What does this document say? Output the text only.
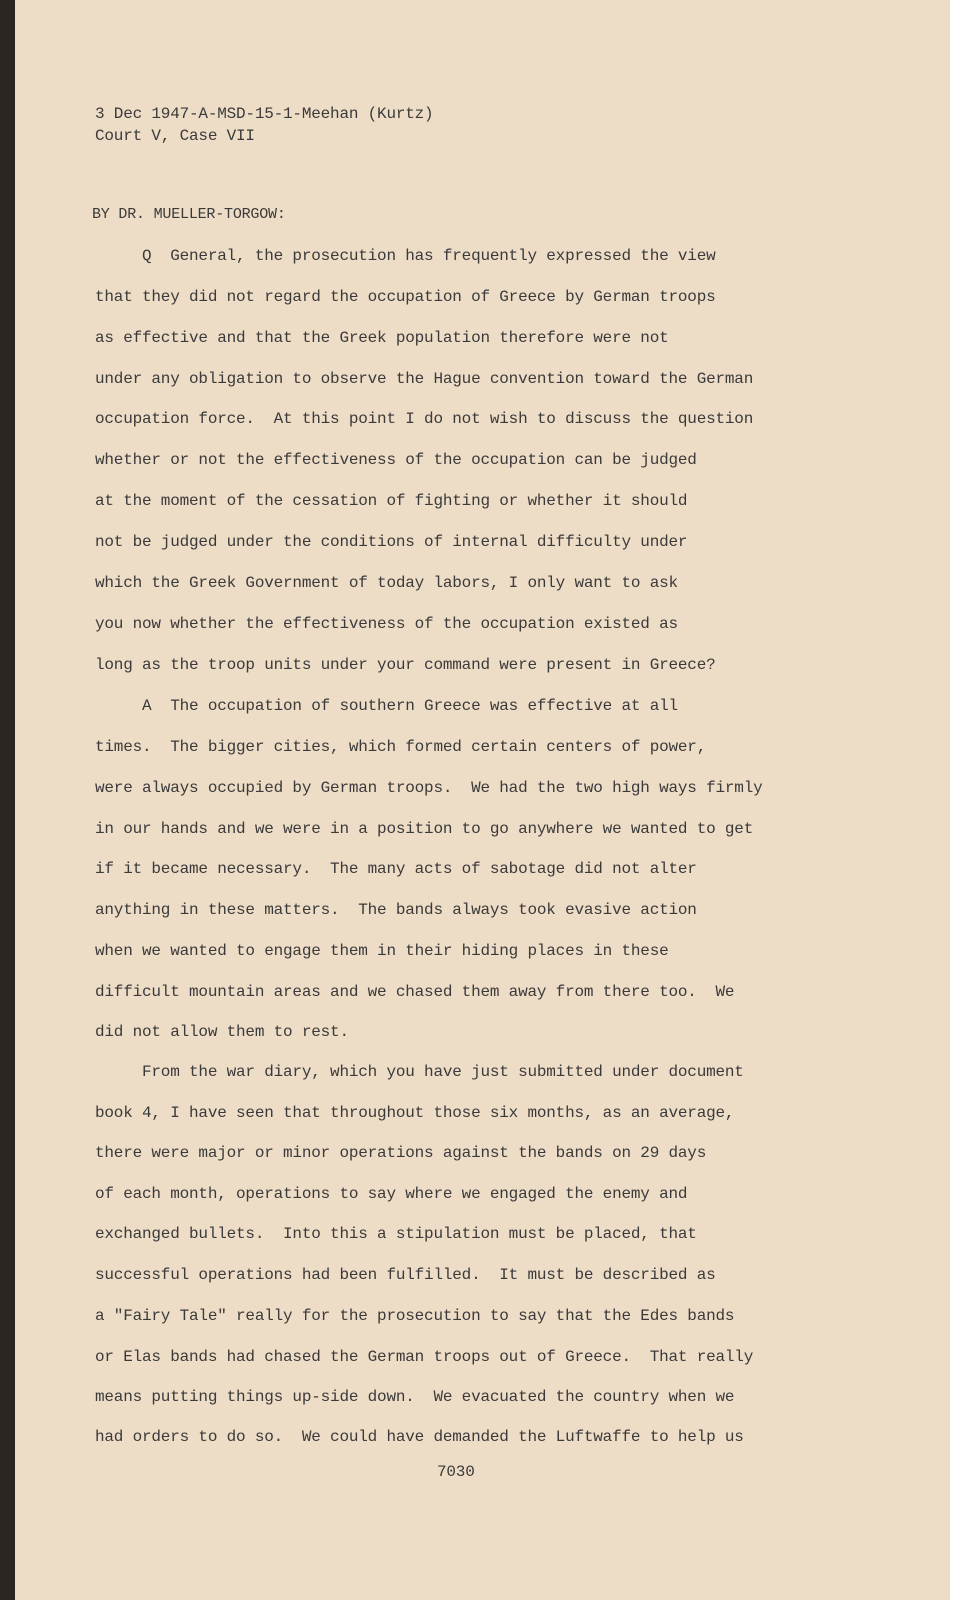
3 Dec 1947-A-MSD-15-1-Meehan (Kurtz)
Court V, Case VII
BY DR. MUELLER-TORGOW:
Q  General, the prosecution has frequently expressed the view
that they did not regard the occupation of Greece by German troops
as effective and that the Greek population therefore were not
under any obligation to observe the Hague convention toward the German
occupation force.  At this point I do not wish to discuss the question
whether or not the effectiveness of the occupation can be judged
at the moment of the cessation of fighting or whether it should
not be judged under the conditions of internal difficulty under
which the Greek Government of today labors, I only want to ask
you now whether the effectiveness of the occupation existed as
long as the troop units under your command were present in Greece?
A  The occupation of southern Greece was effective at all
times.  The bigger cities, which formed certain centers of power,
were always occupied by German troops.  We had the two high ways firmly
in our hands and we were in a position to go anywhere we wanted to get
if it became necessary.  The many acts of sabotage did not alter
anything in these matters.  The bands always took evasive action
when we wanted to engage them in their hiding places in these
difficult mountain areas and we chased them away from there too.  We
did not allow them to rest.
From the war diary, which you have just submitted under document
book 4, I have seen that throughout those six months, as an average,
there were major or minor operations against the bands on 29 days
of each month, operations to say where we engaged the enemy and
exchanged bullets.  Into this a stipulation must be placed, that
successful operations had been fulfilled.  It must be described as
a "Fairy Tale" really for the prosecution to say that the Edes bands
or Elas bands had chased the German troops out of Greece.  That really
means putting things up-side down.  We evacuated the country when we
had orders to do so.  We could have demanded the Luftwaffe to help us
7030
